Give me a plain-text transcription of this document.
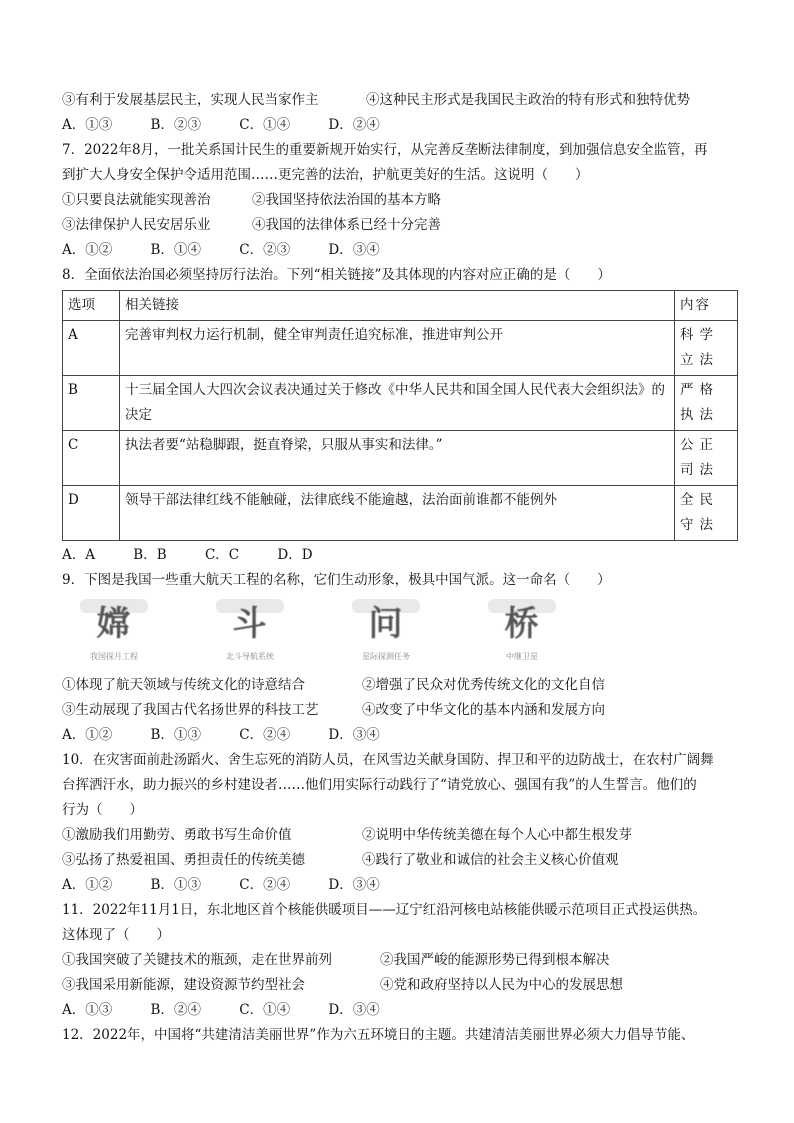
③有利于发展基层民主，实现人民当家作主	④这种民主形式是我国民主政治的特有形式和独特优势
A．①③	B．②③	C．①④	D．②④
7．2022年8月，一批关系国计民生的重要新规开始实行，从完善反垄断法律制度，到加强信息安全监管，再
到扩大人身安全保护令适用范围……更完善的法治，护航更美好的生活。这说明（　　）
①只要良法就能实现善治	②我国坚持依法治国的基本方略
③法律保护人民安居乐业	④我国的法律体系已经十分完善
A．①②	B．①④	C．②③	D．③④
8．全面依法治国必须坚持厉行法治。下列“相关链接”及其体现的内容对应正确的是（　　）
选项	相关链接	内容
A	完善审判权力运行机制，健全审判责任追究标准，推进审判公开	科学立法
B	十三届全国人大四次会议表决通过关于修改《中华人民共和国全国人民代表大会组织法》的决定	严格执法
C	执法者要“站稳脚跟，挺直脊梁，只服从事实和法律。”	公正司法
D	领导干部法律红线不能触碰，法律底线不能逾越，法治面前谁都不能例外	全民守法
A．A	B．B	C．C	D．D
9．下图是我国一些重大航天工程的名称，它们生动形象，极具中国气派。这一命名（　　）
嫦
我国探月工程
斗
北斗导航系统
问
星际探测任务
桥
中继卫星
①体现了航天领域与传统文化的诗意结合	②增强了民众对优秀传统文化的文化自信
③生动展现了我国古代名扬世界的科技工艺	④改变了中华文化的基本内涵和发展方向
A．①②	B．①③	C．②④	D．③④
10．在灾害面前赴汤蹈火、舍生忘死的消防人员，在风雪边关献身国防、捍卫和平的边防战士，在农村广阔舞
台挥洒汗水，助力振兴的乡村建设者……他们用实际行动践行了“请党放心、强国有我”的人生誓言。他们的
行为（　　）
①激励我们用勤劳、勇敢书写生命价值	②说明中华传统美德在每个人心中都生根发芽
③弘扬了热爱祖国、勇担责任的传统美德	④践行了敬业和诚信的社会主义核心价值观
A．①②	B．①③	C．②④	D．③④
11．2022年11月1日，东北地区首个核能供暖项目——辽宁红沿河核电站核能供暖示范项目正式投运供热。
这体现了（　　）
①我国突破了关键技术的瓶颈，走在世界前列	②我国严峻的能源形势已得到根本解决
③我国采用新能源，建设资源节约型社会	④党和政府坚持以人民为中心的发展思想
A．①③	B．②④	C．①④	D．③④
12．2022年，中国将“共建清洁美丽世界”作为六五环境日的主题。共建清洁美丽世界必须大力倡导节能、
